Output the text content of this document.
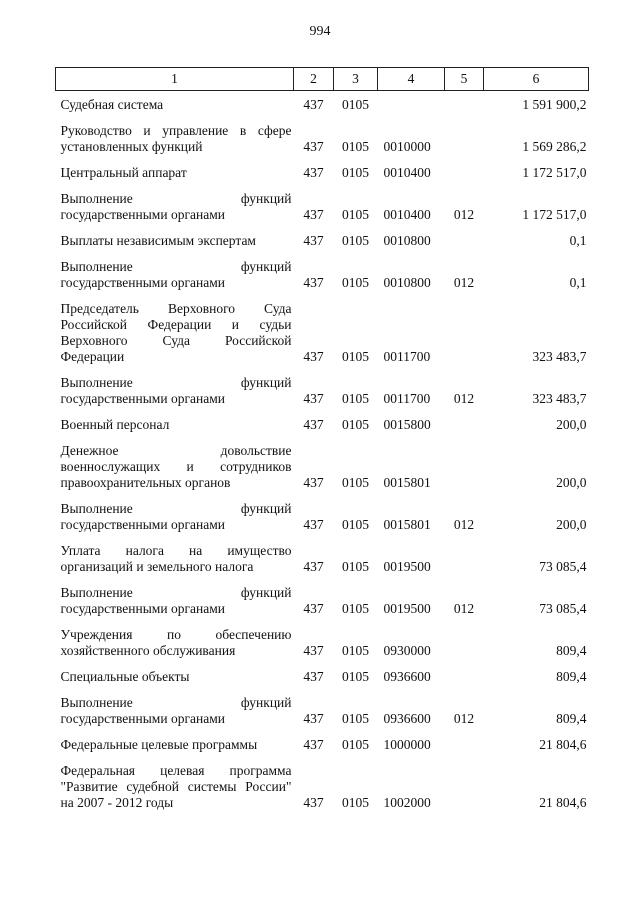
994
1	2	3	4	5	6
Судебная система	437	0105			1 591 900,2
Руководство и управление в сфере установленных функций	437	0105	0010000		1 569 286,2
Центральный аппарат	437	0105	0010400		1 172 517,0
Выполнение функций государственными органами	437	0105	0010400	012	1 172 517,0
Выплаты независимым экспертам	437	0105	0010800		0,1
Выполнение функций государственными органами	437	0105	0010800	012	0,1
Председатель Верховного Суда Российской Федерации и судьи Верховного Суда Российской Федерации	437	0105	0011700		323 483,7
Выполнение функций государственными органами	437	0105	0011700	012	323 483,7
Военный персонал	437	0105	0015800		200,0
Денежное довольствие военнослужащих и сотрудников правоохранительных органов	437	0105	0015801		200,0
Выполнение функций государственными органами	437	0105	0015801	012	200,0
Уплата налога на имущество организаций и земельного налога	437	0105	0019500		73 085,4
Выполнение функций государственными органами	437	0105	0019500	012	73 085,4
Учреждения по обеспечению хозяйственного обслуживания	437	0105	0930000		809,4
Специальные объекты	437	0105	0936600		809,4
Выполнение функций государственными органами	437	0105	0936600	012	809,4
Федеральные целевые программы	437	0105	1000000		21 804,6
Федеральная целевая программа "Развитие судебной системы России" на 2007 - 2012 годы	437	0105	1002000		21 804,6
